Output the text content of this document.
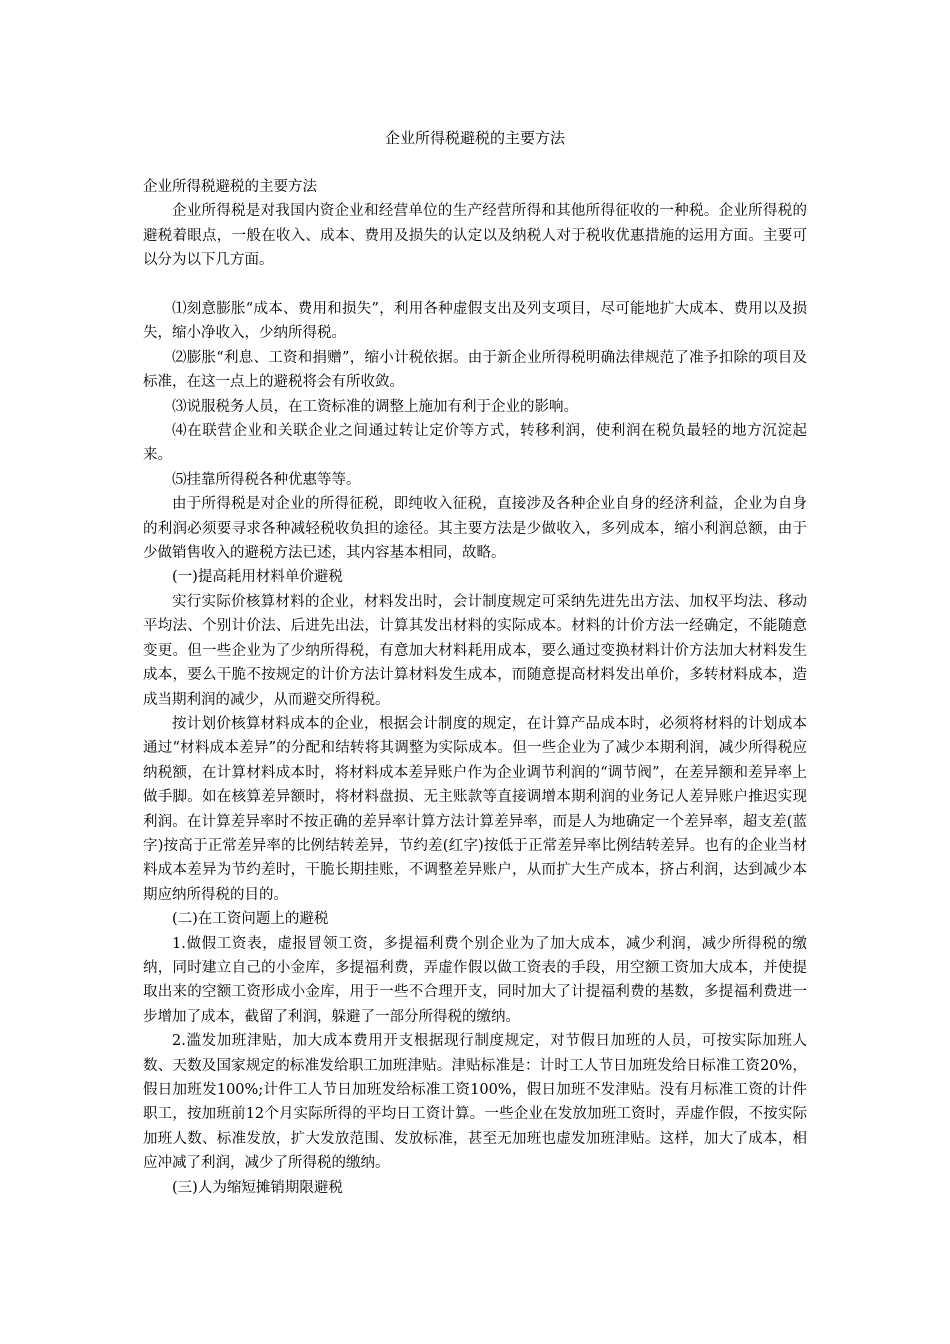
企业所得税避税的主要方法

企业所得税避税的主要方法

企业所得税是对我国内资企业和经营单位的生产经营所得和其他所得征收的一种税。企业所得税的避税着眼点，一般在收入、成本、费用及损失的认定以及纳税人对于税收优惠措施的运用方面。主要可以分为以下几方面。

⑴刻意膨胀“成本、费用和损失”，利用各种虚假支出及列支项目，尽可能地扩大成本、费用以及损失，缩小净收入，少纳所得税。

⑵膨胀“利息、工资和捐赠”，缩小计税依据。由于新企业所得税明确法律规范了准予扣除的项目及标准，在这一点上的避税将会有所收敛。

⑶说服税务人员，在工资标准的调整上施加有利于企业的影响。

⑷在联营企业和关联企业之间通过转让定价等方式，转移利润，使利润在税负最轻的地方沉淀起来。

⑸挂靠所得税各种优惠等等。

由于所得税是对企业的所得征税，即纯收入征税，直接涉及各种企业自身的经济利益，企业为自身的利润必须要寻求各种减轻税收负担的途径。其主要方法是少做收入，多列成本，缩小利润总额，由于少做销售收入的避税方法已述，其内容基本相同，故略。

(一)提高耗用材料单价避税

实行实际价核算材料的企业，材料发出时，会计制度规定可采纳先进先出方法、加权平均法、移动平均法、个别计价法、后进先出法，计算其发出材料的实际成本。材料的计价方法一经确定，不能随意变更。但一些企业为了少纳所得税，有意加大材料耗用成本，要么通过变换材料计价方法加大材料发生成本，要么干脆不按规定的计价方法计算材料发生成本，而随意提高材料发出单价，多转材料成本，造成当期利润的减少，从而避交所得税。

按计划价核算材料成本的企业，根据会计制度的规定，在计算产品成本时，必须将材料的计划成本通过“材料成本差异”的分配和结转将其调整为实际成本。但一些企业为了减少本期利润，减少所得税应纳税额，在计算材料成本时，将材料成本差异账户作为企业调节利润的“调节阀”，在差异额和差异率上做手脚。如在核算差异额时，将材料盘损、无主账款等直接调增本期利润的业务记人差异账户推迟实现利润。在计算差异率时不按正确的差异率计算方法计算差异率，而是人为地确定一个差异率，超支差(蓝字)按高于正常差异率的比例结转差异，节约差(红字)按低于正常差异率比例结转差异。也有的企业当材料成本差异为节约差时，干脆长期挂账，不调整差异账户，从而扩大生产成本，挤占利润，达到减少本期应纳所得税的目的。

(二)在工资问题上的避税

1.做假工资表，虚报冒领工资，多提福利费个别企业为了加大成本，减少利润，减少所得税的缴纳，同时建立自己的小金库，多提福利费，弄虚作假以做工资表的手段，用空额工资加大成本，并使提取出来的空额工资形成小金库，用于一些不合理开支，同时加大了计提福利费的基数，多提福利费进一步增加了成本，截留了利润，躲避了一部分所得税的缴纳。

2.滥发加班津贴，加大成本费用开支根据现行制度规定，对节假日加班的人员，可按实际加班人数、天数及国家规定的标准发给职工加班津贴。津贴标准是：计时工人节日加班发给日标准工资20%，假日加班发100%;计件工人节日加班发给标准工资100%，假日加班不发津贴。没有月标准工资的计件职工，按加班前12个月实际所得的平均日工资计算。一些企业在发放加班工资时，弄虚作假，不按实际加班人数、标准发放，扩大发放范围、发放标准，甚至无加班也虚发加班津贴。这样，加大了成本，相应冲减了利润，减少了所得税的缴纳。

(三)人为缩短摊销期限避税
